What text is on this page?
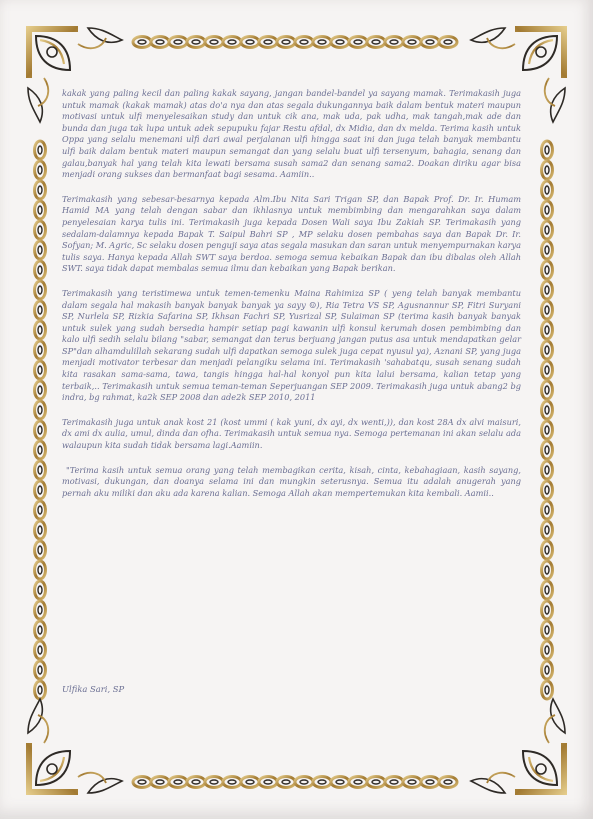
kakak yang paling kecil dan paling kakak sayang, jangan bandel-bandel ya sayang mamak. Terimakasih juga untuk mamak (kakak mamak) atas do'a nya dan atas segala dukungannya baik dalam bentuk materi maupun motivasi untuk ulfi menyelesaikan study dan untuk cik ana, mak uda, pak udha, mak tangah,mak ade dan bunda dan juga tak lupa untuk adek sepupuku fajar Restu afdal, dx Midia, dan dx melda. Terima kasih untuk Oppa yang selalu menemani ulfi dari awal perjalanan ulfi hingga saat ini dan juga telah banyak membantu ulfi baik dalam bentuk materi maupun semangat dan yang selalu buat ulfi tersenyum, bahagia, senang dan galau,banyak hal yang telah kita lewati bersama susah sama2 dan senang sama2. Doakan diriku agar bisa menjadi orang sukses dan bermanfaat bagi sesama. Aamiin..

Terimakasih yang sebesar-besarnya kepada Alm.Ibu Nita Sari Trigan SP, dan Bapak Prof. Dr. Ir. Humam Hamid MA yang telah dengan sabar dan ikhlasnya untuk membimbing dan mengarahkan saya dalam penyelesaian karya tulis ini. Terimakasih juga kepada Dosen Wali saya Ibu Zakiah SP. Terimakasih yang sedalam-dalamnya kepada Bapak T. Saipul Bahri SP , MP selaku dosen pembahas saya dan Bapak Dr. Ir. Sofyan; M. Agric, Sc selaku dosen penguji saya atas segala masukan dan saran untuk menyempurnakan karya tulis saya. Hanya kepada Allah SWT saya berdoa. semoga semua kebaikan Bapak dan ibu dibalas oleh Allah SWT. saya tidak dapat membalas semua ilmu dan kebaikan yang Bapak berikan.

Terimakasih yang teristimewa untuk temen-temenku Maina Rahimiza SP ( yeng telah banyak membantu dalam segala hal makasih banyak banyak banyak ya sayy ☺), Ria Tetra VS SP, Agusnannur SP, Fitri Suryani SP, Nurlela SP, Rizkia Safarina SP, Ikhsan Fachri SP, Yusrizal SP, Sulaiman SP (terima kasih banyak banyak untuk sulek yang sudah bersedia hampir setiap pagi kawanin ulfi konsul kerumah dosen pembimbing dan kalo ulfi sedih selalu bilang "sabar, semangat dan terus berjuang jangan putus asa untuk mendapatkan gelar SP"dan alhamdulillah sekarang sudah ulfi dapatkan semoga sulek juga cepat nyusul ya), Aznani SP, yang juga menjadi motivator terbesar dan menjadi pelangiku selama ini. Terimakasih 'sahabatqu, susah senang sudah kita rasakan sama-sama, tawa, tangis hingga hal-hal konyol pun kita lalui bersama, kalian tetap yang terbaik,.. Terimakasih untuk semua teman-teman Seperjuangan SEP 2009. Terimakasih juga untuk abang2 bg indra, bg rahmat, ka2k SEP 2008 dan ade2k SEP 2010, 2011

Terimakasih juga untuk anak kost 21 (kost ummi ( kak yuni, dx ayi, dx wenti,)), dan kost 28A dx alvi maisuri, dx ami dx aulia, umul, dinda dan ofha. Terimakasih untuk semua nya. Semoga pertemanan ini akan selalu ada walaupun kita sudah tidak bersama lagi.Aamiin.

"Terima kasih untuk semua orang yang telah membagikan cerita, kisah, cinta, kebahagiaan, kasih sayang, motivasi, dukungan, dan doanya selama ini dan mungkin seterusnya. Semua itu adalah anugerah yang pernah aku miliki dan aku ada karena kalian. Semoga Allah akan mempertemukan kita kembali. Aamii..

Ulfika Sari, SP
